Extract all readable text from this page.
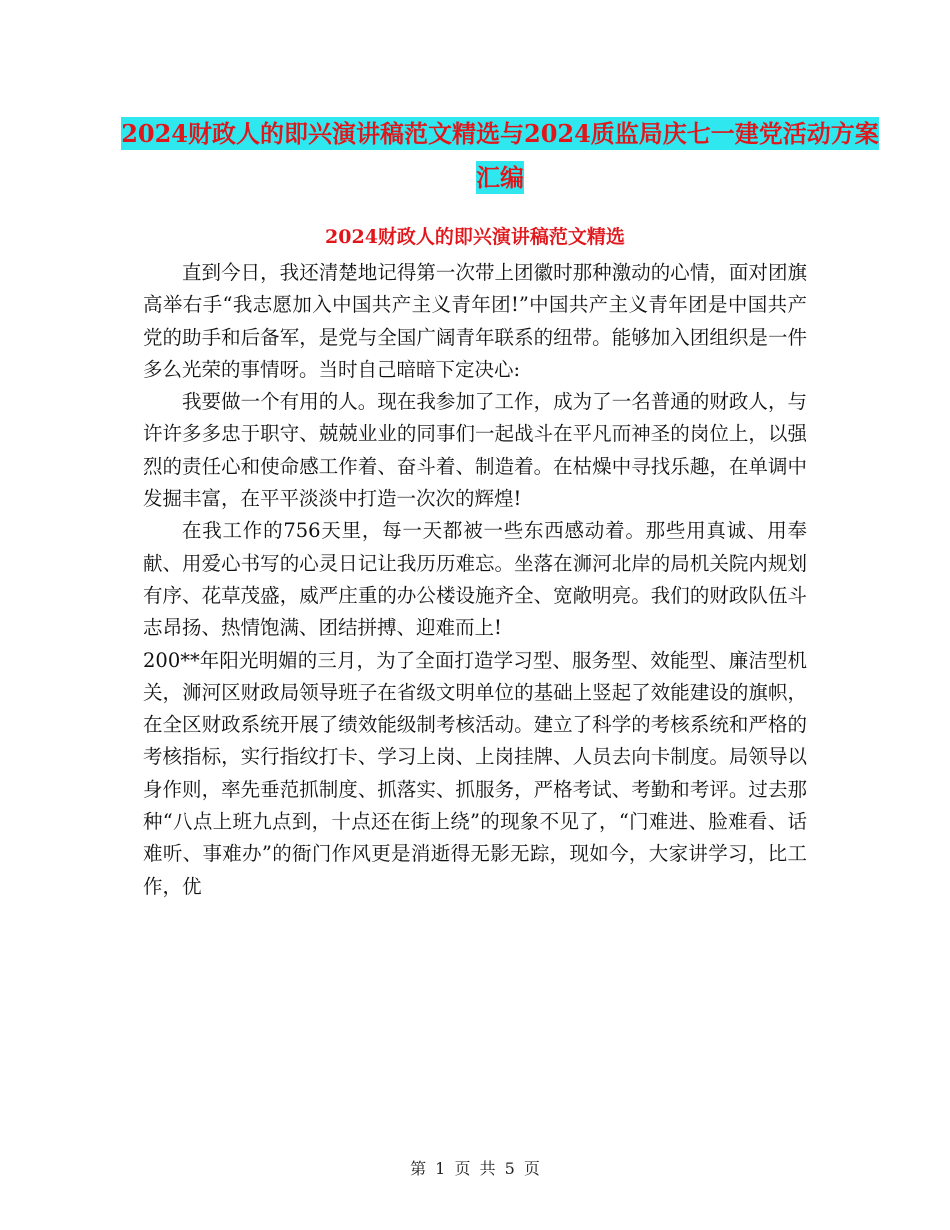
2024财政人的即兴演讲稿范文精选与2024质监局庆七一建党活动方案汇编
2024财政人的即兴演讲稿范文精选

直到今日，我还清楚地记得第一次带上团徽时那种激动的心情，面对团旗高举右手“我志愿加入中国共产主义青年团!”中国共产主义青年团是中国共产党的助手和后备军，是党与全国广阔青年联系的纽带。能够加入团组织是一件多么光荣的事情呀。当时自己暗暗下定决心:

我要做一个有用的人。现在我参加了工作，成为了一名普通的财政人，与许许多多忠于职守、兢兢业业的同事们一起战斗在平凡而神圣的岗位上，以强烈的责任心和使命感工作着、奋斗着、制造着。在枯燥中寻找乐趣，在单调中发掘丰富，在平平淡淡中打造一次次的辉煌!

在我工作的756天里，每一天都被一些东西感动着。那些用真诚、用奉献、用爱心书写的心灵日记让我历历难忘。坐落在浉河北岸的局机关院内规划有序、花草茂盛，威严庄重的办公楼设施齐全、宽敞明亮。我们的财政队伍斗志昂扬、热情饱满、团结拼搏、迎难而上!

200**年阳光明媚的三月，为了全面打造学习型、服务型、效能型、廉洁型机关，浉河区财政局领导班子在省级文明单位的基础上竖起了效能建设的旗帜，在全区财政系统开展了绩效能级制考核活动。建立了科学的考核系统和严格的考核指标，实行指纹打卡、学习上岗、上岗挂牌、人员去向卡制度。局领导以身作则，率先垂范抓制度、抓落实、抓服务，严格考试、考勤和考评。过去那种“八点上班九点到，十点还在街上绕”的现象不见了，“门难进、脸难看、话难听、事难办”的衙门作风更是消逝得无影无踪，现如今，大家讲学习，比工作，优

第 1 页 共 5 页
